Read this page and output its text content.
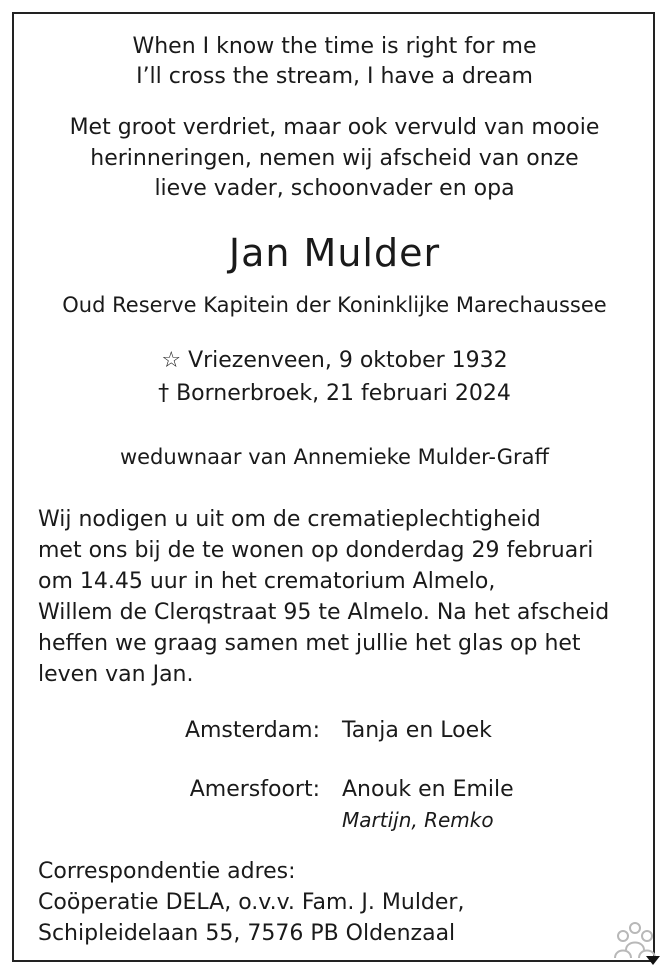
When I know the time is right for me
I’ll cross the stream, I have a dream
Met groot verdriet, maar ook vervuld van mooie
herinneringen, nemen wij afscheid van onze
lieve vader, schoonvader en opa
Jan Mulder
Oud Reserve Kapitein der Koninklijke Marechaussee
☆ Vriezenveen, 9 oktober 1932
† Bornerbroek, 21 februari 2024
weduwnaar van Annemieke Mulder-Graff
Wij nodigen u uit om de crematieplechtigheid
met ons bij de te wonen op donderdag 29 februari
om 14.45 uur in het crematorium Almelo,
Willem de Clerqstraat 95 te Almelo. Na het afscheid
heffen we graag samen met jullie het glas op het
leven van Jan.
Amsterdam: Tanja en Loek
Amersfoort: Anouk en Emile
Martijn, Remko
Correspondentie adres:
Coöperatie DELA, o.v.v. Fam. J. Mulder,
Schipleidelaan 55, 7576 PB Oldenzaal
